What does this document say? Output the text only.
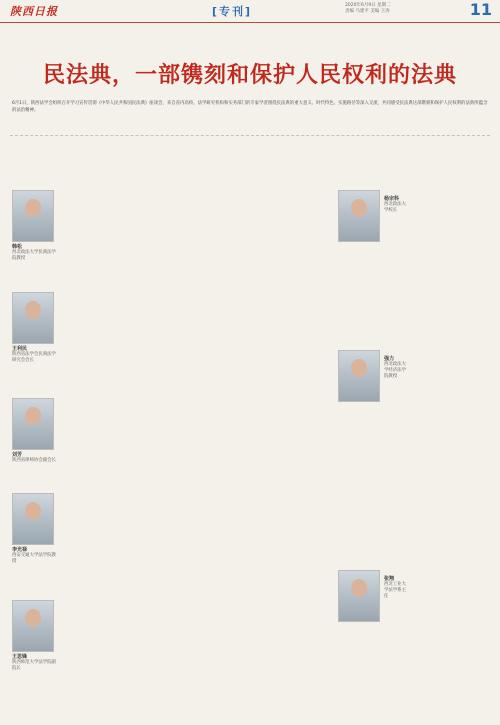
陕西日报	[专刊]	2020年6月9日 星期二
责编 马建平 美编 王涛	11
民法典，一部镌刻和保护人民权利的法典
6月1日，陕西法学会组织召开学习宣传贯彻《中华人民共和国民法典》座谈会，来自省内高校、法学研究机构和实务部门的专家学者围绕民法典的重大意义、时代特色、实施路径等深入交流，共同感受民法典这部镌刻和保护人民权利的法典所蕴含的法治精神。
韩松
西北政法大学民商法学院教授
王利民
陕西省法学会民商法学研究会会长
刘芳
陕西省律师协会副会长
李光禄
西安交通大学法学院教授
王思锋
陕西师范大学法学院副院长
杨宗科
西北政法大学校长
强力
西北政法大学经济法学院教授
张翔
西北工业大学法学系主任
